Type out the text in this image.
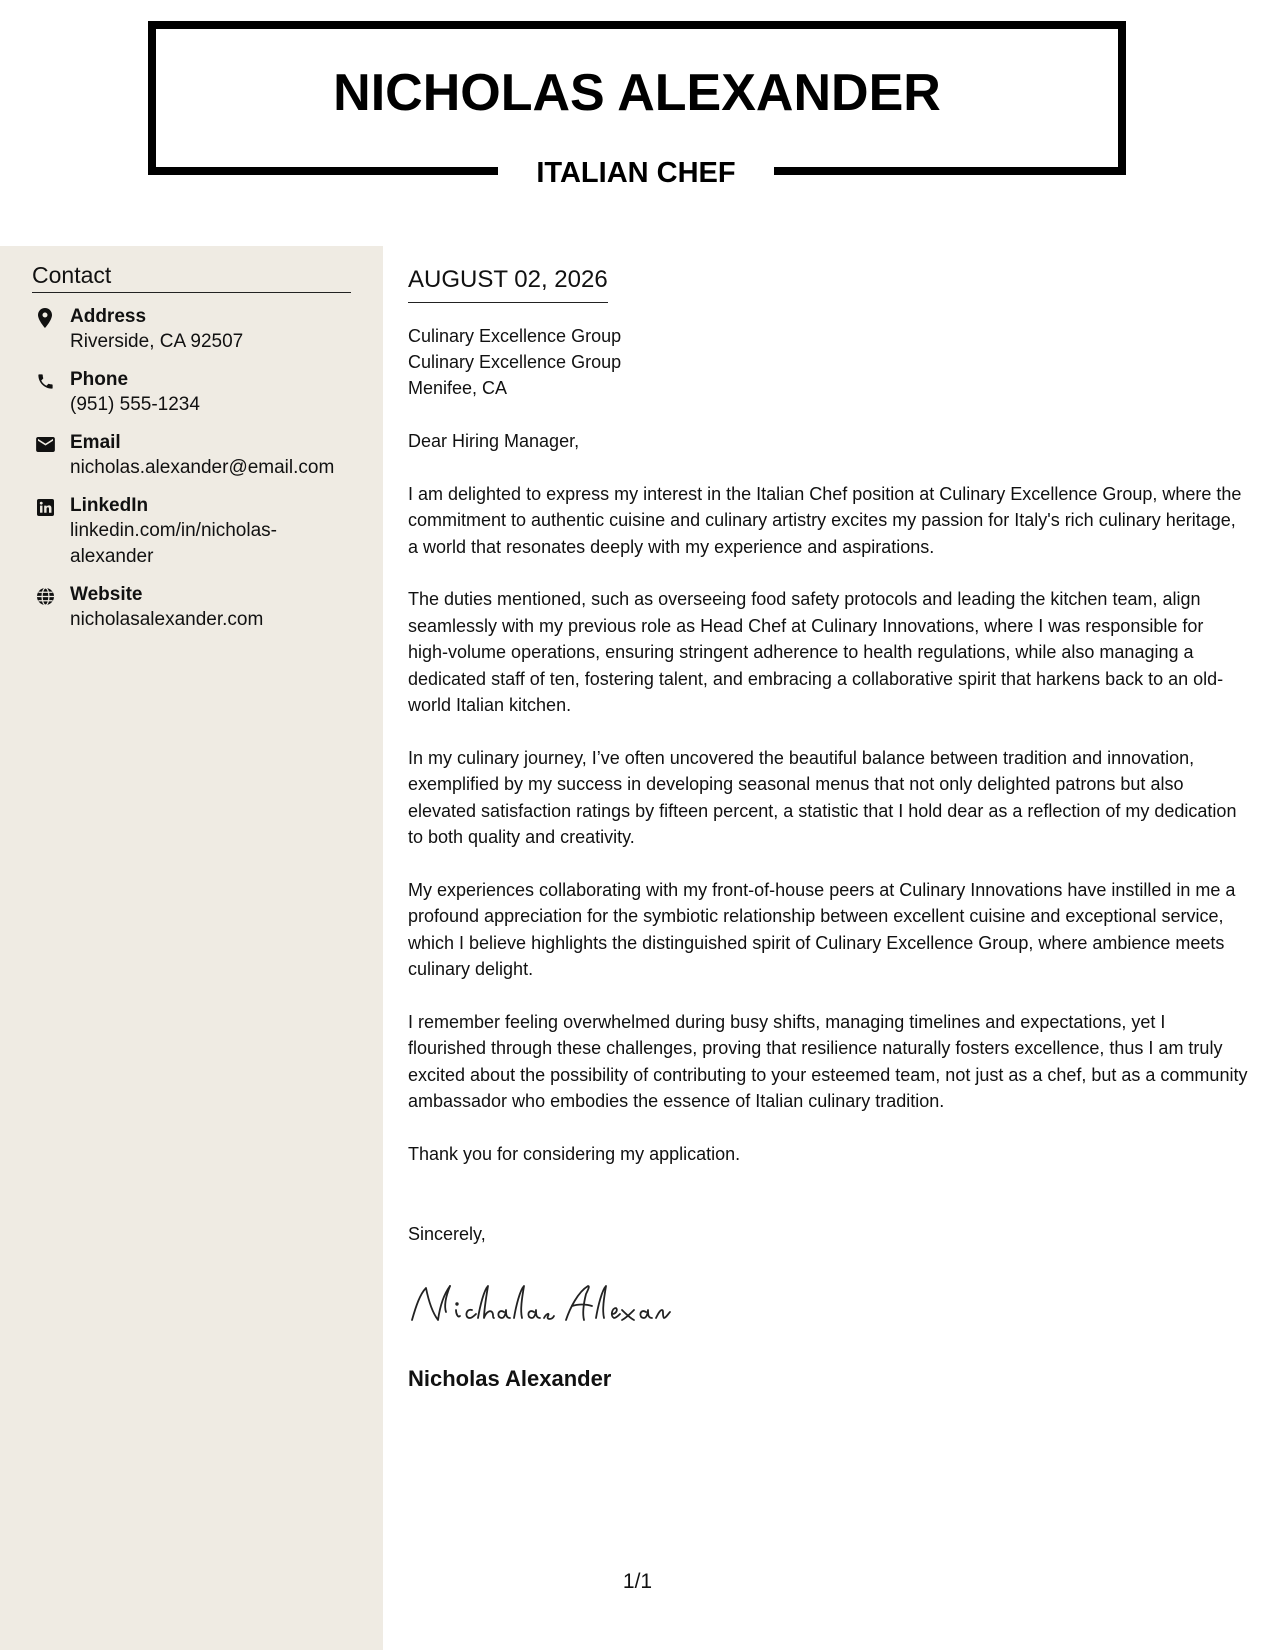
NICHOLAS ALEXANDER
ITALIAN CHEF
Contact
Address
Riverside, CA 92507
Phone
(951) 555-1234
Email
nicholas.alexander@email.com
LinkedIn
linkedin.com/in/nicholas-alexander
Website
nicholasalexander.com
AUGUST 02, 2026
Culinary Excellence Group
Culinary Excellence Group
Menifee, CA

Dear Hiring Manager,

I am delighted to express my interest in the Italian Chef position at Culinary Excellence Group, where the commitment to authentic cuisine and culinary artistry excites my passion for Italy's rich culinary heritage, a world that resonates deeply with my experience and aspirations.

The duties mentioned, such as overseeing food safety protocols and leading the kitchen team, align seamlessly with my previous role as Head Chef at Culinary Innovations, where I was responsible for high-volume operations, ensuring stringent adherence to health regulations, while also managing a dedicated staff of ten, fostering talent, and embracing a collaborative spirit that harkens back to an old-world Italian kitchen.

In my culinary journey, I’ve often uncovered the beautiful balance between tradition and innovation, exemplified by my success in developing seasonal menus that not only delighted patrons but also elevated satisfaction ratings by fifteen percent, a statistic that I hold dear as a reflection of my dedication to both quality and creativity.

My experiences collaborating with my front-of-house peers at Culinary Innovations have instilled in me a profound appreciation for the symbiotic relationship between excellent cuisine and exceptional service, which I believe highlights the distinguished spirit of Culinary Excellence Group, where ambience meets culinary delight.

I remember feeling overwhelmed during busy shifts, managing timelines and expectations, yet I flourished through these challenges, proving that resilience naturally fosters excellence, thus I am truly excited about the possibility of contributing to your esteemed team, not just as a chef, but as a community ambassador who embodies the essence of Italian culinary tradition.

Thank you for considering my application.

Sincerely,
Nicholas Alexander
1/1
